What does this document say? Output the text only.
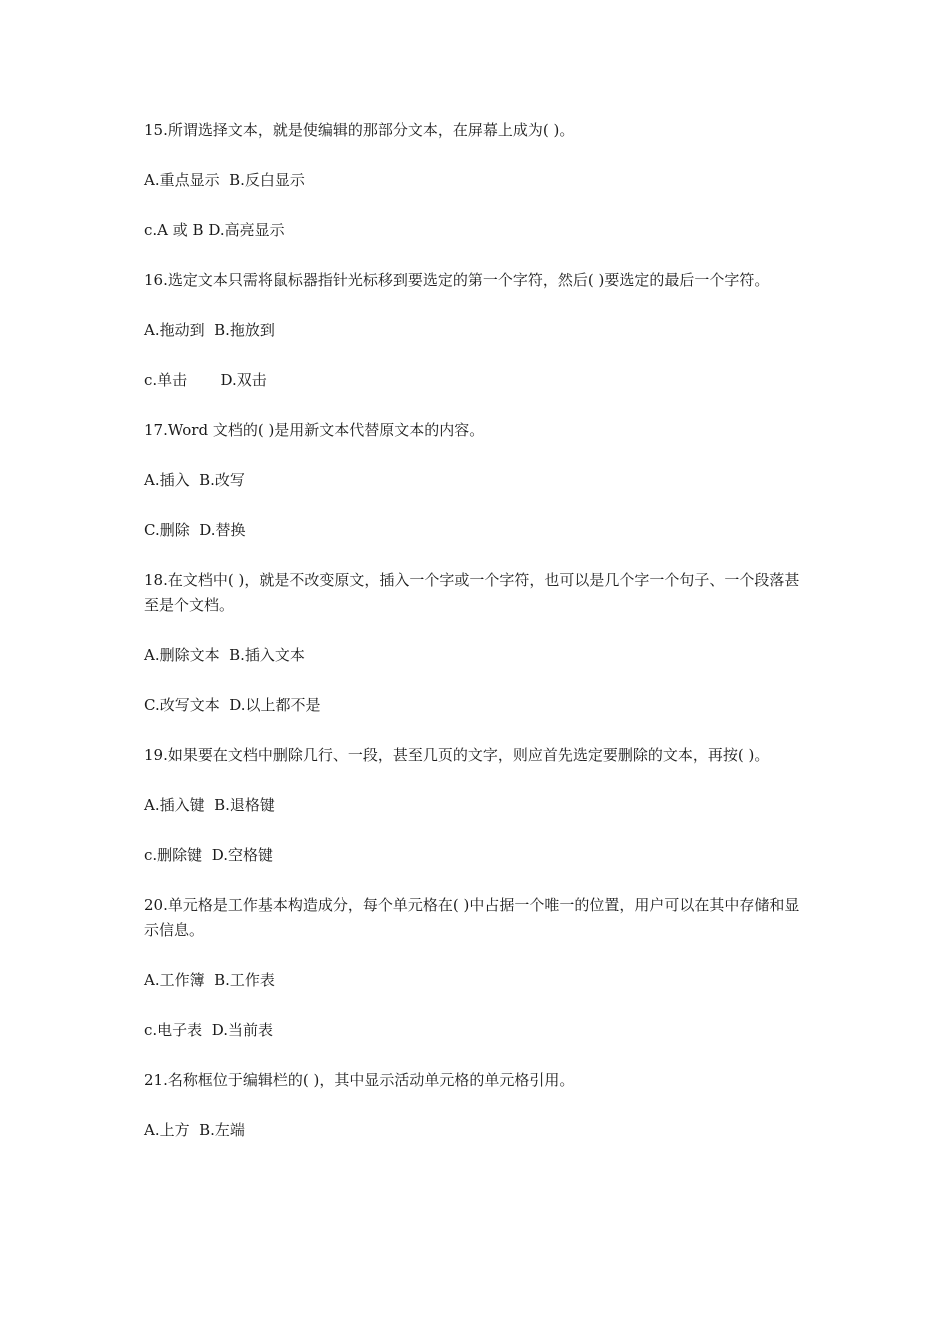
15.所谓选择文本，就是使编辑的那部分文本，在屏幕上成为( )。

A.重点显示  B.反白显示

c.A 或 B D.高亮显示

16.选定文本只需将鼠标器指针光标移到要选定的第一个字符，然后( )要选定的最后一个字符。

A.拖动到  B.拖放到

c.单击       D.双击

17.Word 文档的( )是用新文本代替原文本的内容。

A.插入  B.改写

C.删除  D.替换

18.在文档中( )，就是不改变原文，插入一个字或一个字符，也可以是几个字一个句子、一个段落甚至是个文档。

A.删除文本  B.插入文本

C.改写文本  D.以上都不是

19.如果要在文档中删除几行、一段，甚至几页的文字，则应首先选定要删除的文本，再按( )。

A.插入键  B.退格键

c.删除键  D.空格键

20.单元格是工作基本构造成分，每个单元格在( )中占据一个唯一的位置，用户可以在其中存储和显示信息。

A.工作簿  B.工作表

c.电子表  D.当前表

21.名称框位于编辑栏的( )，其中显示活动单元格的单元格引用。

A.上方  B.左端
